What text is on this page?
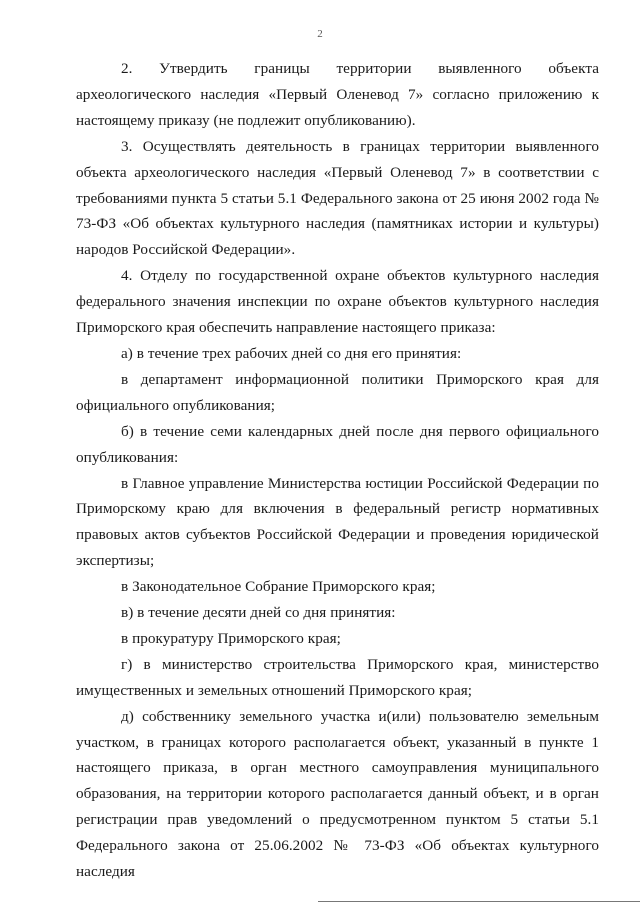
2

2. Утвердить границы территории выявленного объекта археологического наследия «Первый Оленевод 7» согласно приложению к настоящему приказу (не подлежит опубликованию).

3. Осуществлять деятельность в границах территории выявленного объекта археологического наследия «Первый Оленевод 7» в соответствии с требованиями пункта 5 статьи 5.1 Федерального закона от 25 июня 2002 года № 73-ФЗ «Об объектах культурного наследия (памятниках истории и культуры) народов Российской Федерации».

4. Отделу по государственной охране объектов культурного наследия федерального значения инспекции по охране объектов культурного наследия Приморского края обеспечить направление настоящего приказа:

а) в течение трех рабочих дней со дня его принятия:

в департамент информационной политики Приморского края для официального опубликования;

б) в течение семи календарных дней после дня первого официального опубликования:

в Главное управление Министерства юстиции Российской Федерации по Приморскому краю для включения в федеральный регистр нормативных правовых актов субъектов Российской Федерации и проведения юридической экспертизы;

в Законодательное Собрание Приморского края;

в) в течение десяти дней со дня принятия:

в прокуратуру Приморского края;

г) в министерство строительства Приморского края, министерство имущественных и земельных отношений Приморского края;

д) собственнику земельного участка и(или) пользователю земельным участком, в границах которого располагается объект, указанный в пункте 1 настоящего приказа, в орган местного самоуправления муниципального образования, на территории которого располагается данный объект, и в орган регистрации прав уведомлений о предусмотренном пунктом 5 статьи 5.1 Федерального закона от 25.06.2002 № 73-ФЗ «Об объектах культурного наследия
